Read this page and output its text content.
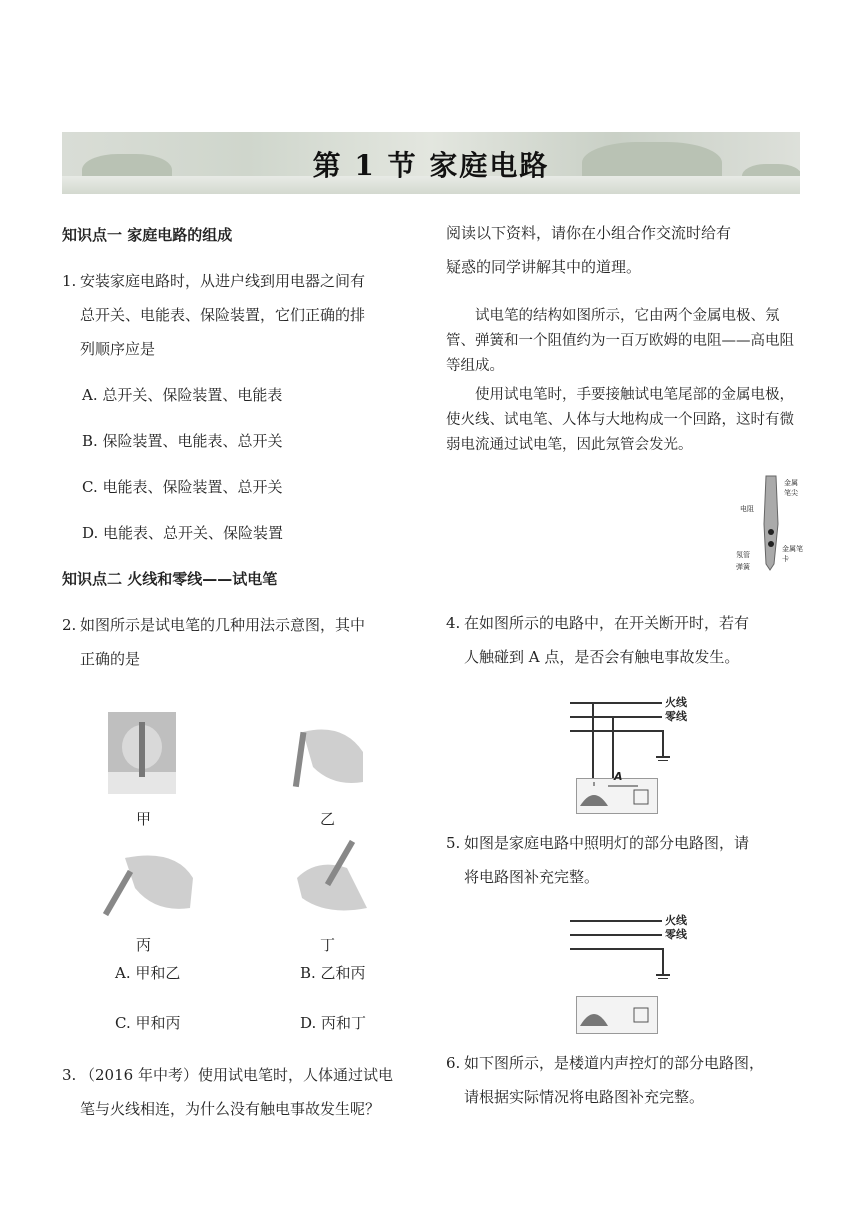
第 1 节 家庭电路
知识点一 家庭电路的组成
1. 安装家庭电路时，从进户线到用电器之间有
总开关、电能表、保险装置，它们正确的排
列顺序应是
A. 总开关、保险装置、电能表
B. 保险装置、电能表、总开关
C. 电能表、保险装置、总开关
D. 电能表、总开关、保险装置
知识点二 火线和零线——试电笔
2. 如图所示是试电笔的几种用法示意图，其中
正确的是
甲	乙
丙	丁
A. 甲和乙	B. 乙和丙
C. 甲和丙	D. 丙和丁
3. （2016 年中考）使用试电笔时，人体通过试电
笔与火线相连，为什么没有触电事故发生呢？
阅读以下资料，请你在小组合作交流时给有
疑惑的同学讲解其中的道理。

试电笔的结构如图所示，它由两个金属电极、氖管、弹簧和一个阻值约为一百万欧姆的电阻——高电阻等组成。

使用试电笔时，手要接触试电笔尾部的金属电极，使火线、试电笔、人体与大地构成一个回路，这时有微弱电流通过试电笔，因此氖管会发光。

金属笔尖
电阻
氖管
弹簧
金属笔卡
4. 在如图所示的电路中，在开关断开时，若有
人触碰到 A 点，是否会有触电事故发生。
火线
零线
A
5. 如图是家庭电路中照明灯的部分电路图，请
将电路图补充完整。
火线
零线
6. 如下图所示，是楼道内声控灯的部分电路图，
请根据实际情况将电路图补充完整。
